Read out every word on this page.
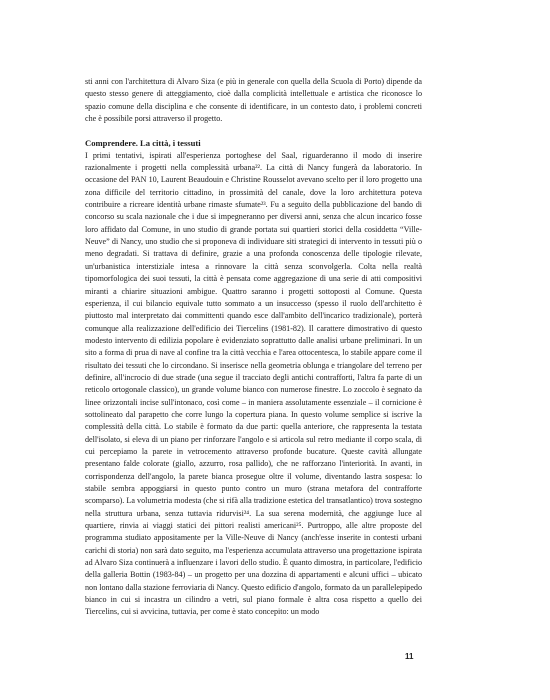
sti anni con l'architettura di Alvaro Siza (e più in generale con quella della Scuola di Porto) dipende da questo stesso genere di atteggiamento, cioè dalla complicità intellettuale e artistica che riconosce lo spazio comune della disciplina e che consente di identificare, in un contesto dato, i problemi concreti che è possibile porsi attraverso il progetto.

Comprendere. La città, i tessuti

I primi tentativi, ispirati all'esperienza portoghese del Saal, riguarderanno il modo di inserire razionalmente i progetti nella complessità urbana²². La città di Nancy fungerà da laboratorio. In occasione del PAN 10, Laurent Beaudouin e Christine Rousselot avevano scelto per il loro progetto una zona difficile del territorio cittadino, in prossimità del canale, dove la loro architettura poteva contribuire a ricreare identità urbane rimaste sfumate²³. Fu a seguito della pubblicazione del bando di concorso su scala nazionale che i due si impegneranno per diversi anni, senza che alcun incarico fosse loro affidato dal Comune, in uno studio di grande portata sui quartieri storici della cosiddetta “Ville-Neuve” di Nancy, uno studio che si proponeva di individuare siti strategici di intervento in tessuti più o meno degradati. Si trattava di definire, grazie a una profonda conoscenza delle tipologie rilevate, un'urbanistica interstiziale intesa a rinnovare la città senza sconvolgerla. Colta nella realtà tipomorfologica dei suoi tessuti, la città è pensata come aggregazione di una serie di atti compositivi miranti a chiarire situazioni ambigue. Quattro saranno i progetti sottoposti al Comune. Questa esperienza, il cui bilancio equivale tutto sommato a un insuccesso (spesso il ruolo dell'architetto è piuttosto mal interpretato dai committenti quando esce dall'ambito dell'incarico tradizionale), porterà comunque alla realizzazione dell'edificio dei Tiercelins (1981-82). Il carattere dimostrativo di questo modesto intervento di edilizia popolare è evidenziato soprattutto dalle analisi urbane preliminari. In un sito a forma di prua di nave al confine tra la città vecchia e l'area ottocentesca, lo stabile appare come il risultato dei tessuti che lo circondano. Si inserisce nella geometria oblunga e triangolare del terreno per definire, all'incrocio di due strade (una segue il tracciato degli antichi contrafforti, l'altra fa parte di un reticolo ortogonale classico), un grande volume bianco con numerose finestre. Lo zoccolo è segnato da linee orizzontali incise sull'intonaco, così come – in maniera assolutamente essenziale – il cornicione è sottolineato dal parapetto che corre lungo la copertura piana. In questo volume semplice si iscrive la complessità della città. Lo stabile è formato da due parti: quella anteriore, che rappresenta la testata dell'isolato, si eleva di un piano per rinforzare l'angolo e si articola sul retro mediante il corpo scala, di cui percepiamo la parete in vetrocemento attraverso profonde bucature. Queste cavità allungate presentano falde colorate (giallo, azzurro, rosa pallido), che ne rafforzano l'interiorità. In avanti, in corrispondenza dell'angolo, la parete bianca prosegue oltre il volume, diventando lastra sospesa: lo stabile sembra appoggiarsi in questo punto contro un muro (strana metafora del contrafforte scomparso). La volumetria modesta (che si rifà alla tradizione estetica del transatlantico) trova sostegno nella struttura urbana, senza tuttavia ridurvisi²⁴. La sua serena modernità, che aggiunge luce al quartiere, rinvia ai viaggi statici dei pittori realisti americani²⁵. Purtroppo, alle altre proposte del programma studiato appositamente per la Ville-Neuve di Nancy (anch'esse inserite in contesti urbani carichi di storia) non sarà dato seguito, ma l'esperienza accumulata attraverso una progettazione ispirata ad Alvaro Siza continuerà a influenzare i lavori dello studio. È quanto dimostra, in particolare, l'edificio della galleria Bottin (1983-84) – un progetto per una dozzina di appartamenti e alcuni uffici – ubicato non lontano dalla stazione ferroviaria di Nancy. Questo edificio d'angolo, formato da un parallelepipedo bianco in cui si incastra un cilindro a vetri, sul piano formale è altra cosa rispetto a quello dei Tiercelins, cui si avvicina, tuttavia, per come è stato concepito: un modo

11
